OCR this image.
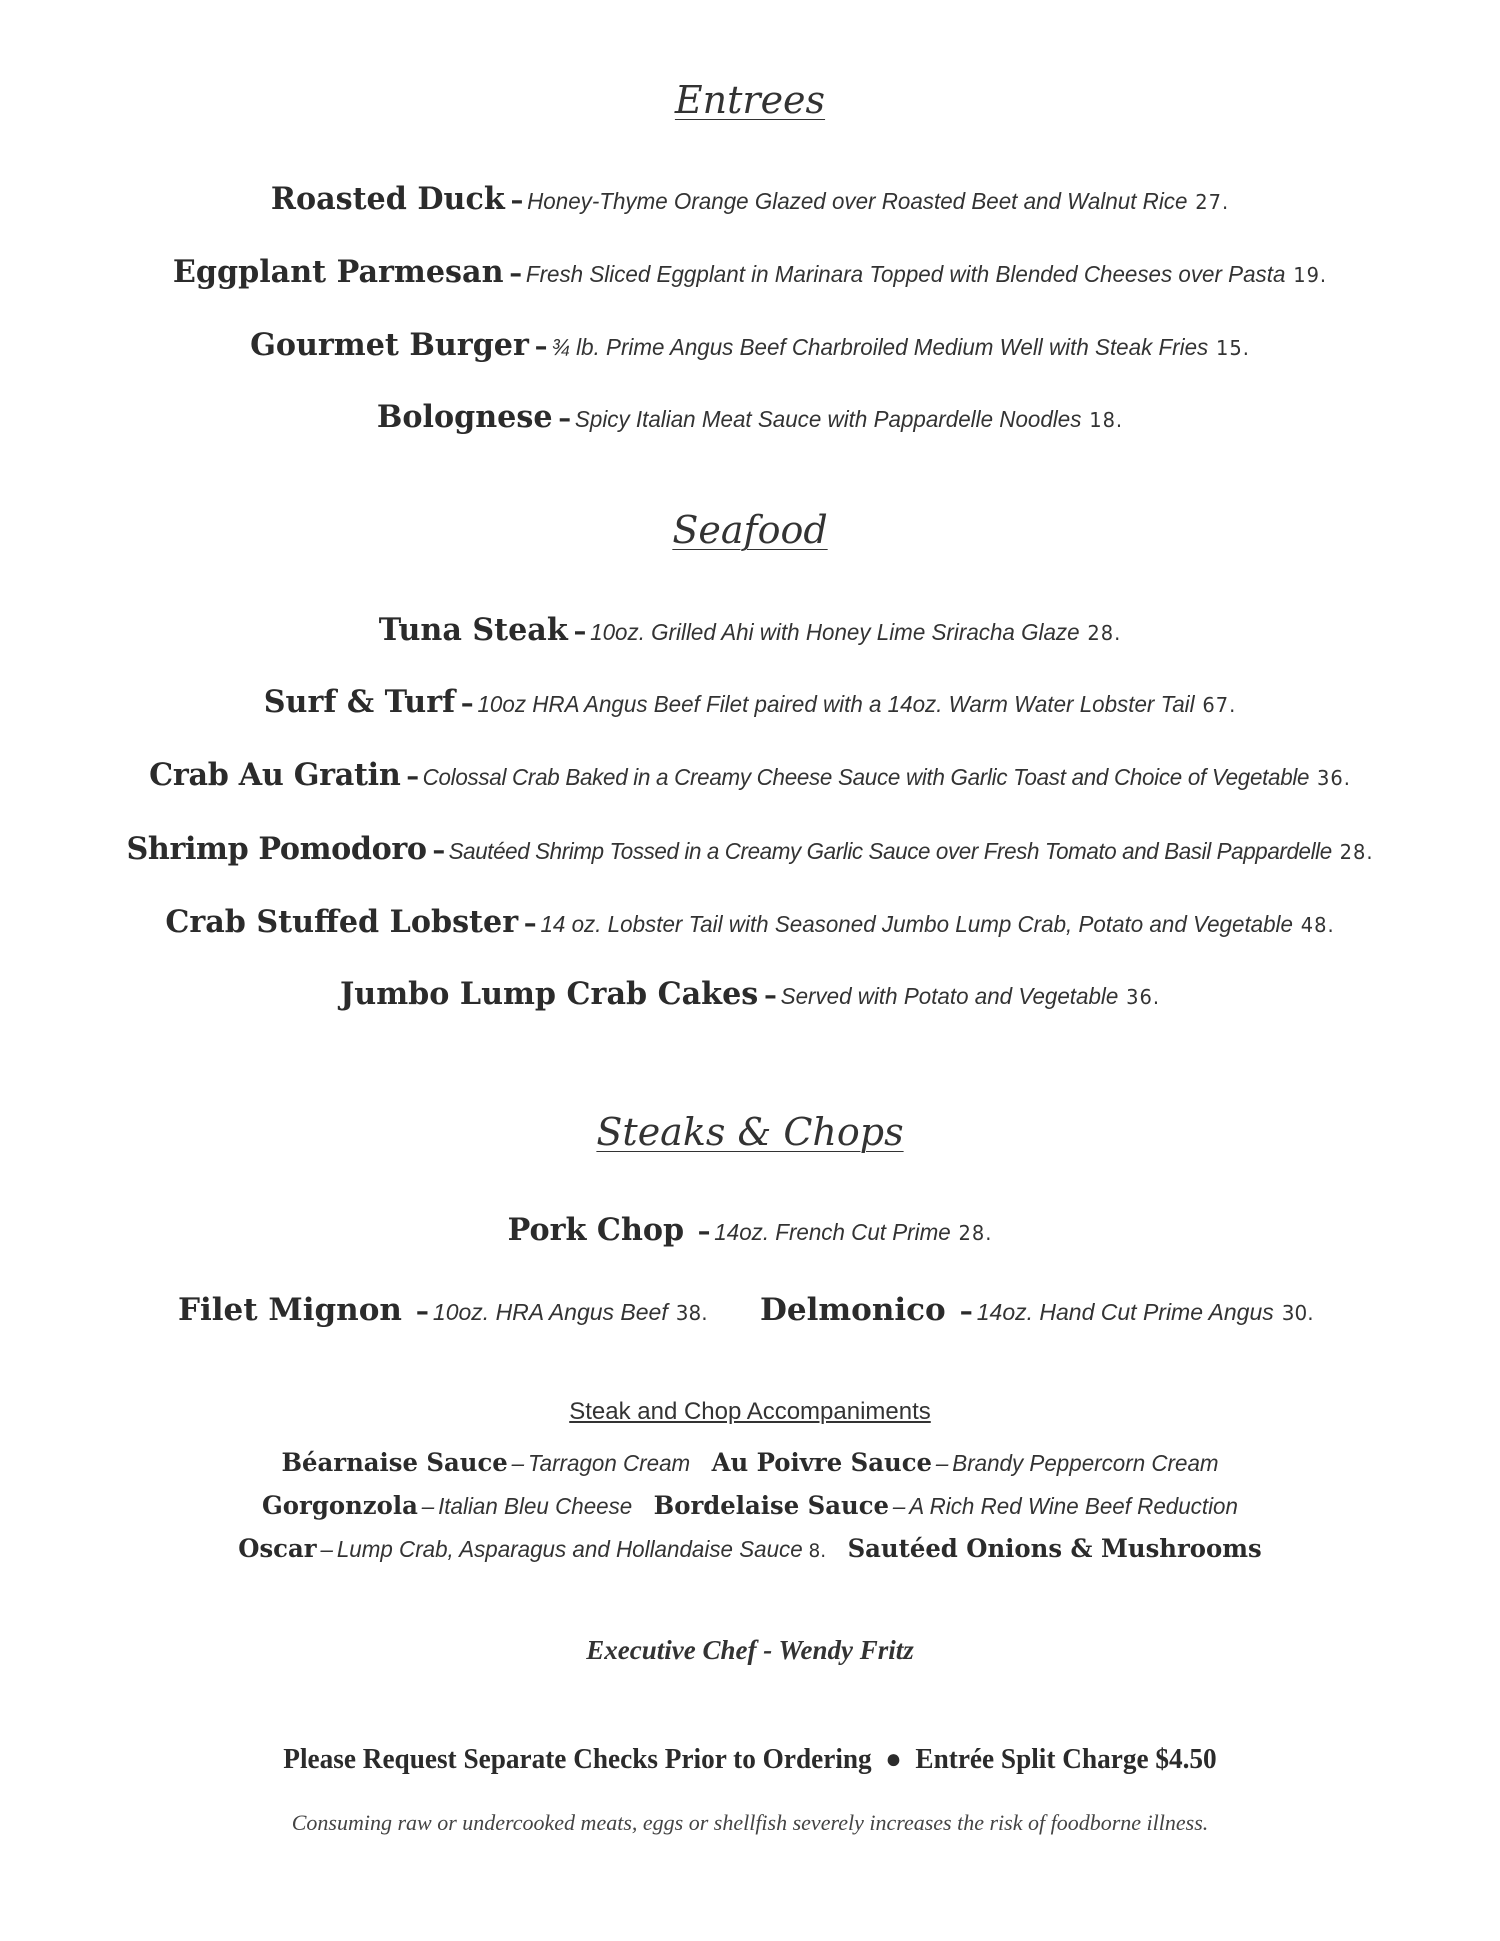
Entrees
Roasted Duck – Honey-Thyme Orange Glazed over Roasted Beet and Walnut Rice 27.
Eggplant Parmesan – Fresh Sliced Eggplant in Marinara Topped with Blended Cheeses over Pasta 19.
Gourmet Burger – ¾ lb. Prime Angus Beef Charbroiled Medium Well with Steak Fries 15.
Bolognese – Spicy Italian Meat Sauce with Pappardelle Noodles 18.
Seafood
Tuna Steak – 10oz. Grilled Ahi with Honey Lime Sriracha Glaze 28.
Surf & Turf – 10oz HRA Angus Beef Filet paired with a 14oz. Warm Water Lobster Tail 67.
Crab Au Gratin – Colossal Crab Baked in a Creamy Cheese Sauce with Garlic Toast and Choice of Vegetable 36.
Shrimp Pomodoro – Sautéed Shrimp Tossed in a Creamy Garlic Sauce over Fresh Tomato and Basil Pappardelle 28.
Crab Stuffed Lobster – 14 oz. Lobster Tail with Seasoned Jumbo Lump Crab, Potato and Vegetable 48.
Jumbo Lump Crab Cakes – Served with Potato and Vegetable 36.
Steaks & Chops
Pork Chop – 14oz. French Cut Prime 28.
Filet Mignon – 10oz. HRA Angus Beef 38. Delmonico – 14oz. Hand Cut Prime Angus 30.
Steak and Chop Accompaniments
Béarnaise Sauce – Tarragon Cream Au Poivre Sauce – Brandy Peppercorn Cream
Gorgonzola – Italian Bleu Cheese Bordelaise Sauce – A Rich Red Wine Beef Reduction
Oscar – Lump Crab, Asparagus and Hollandaise Sauce 8. Sautéed Onions & Mushrooms
Executive Chef - Wendy Fritz
Please Request Separate Checks Prior to Ordering ● Entrée Split Charge $4.50
Consuming raw or undercooked meats, eggs or shellfish severely increases the risk of foodborne illness.
